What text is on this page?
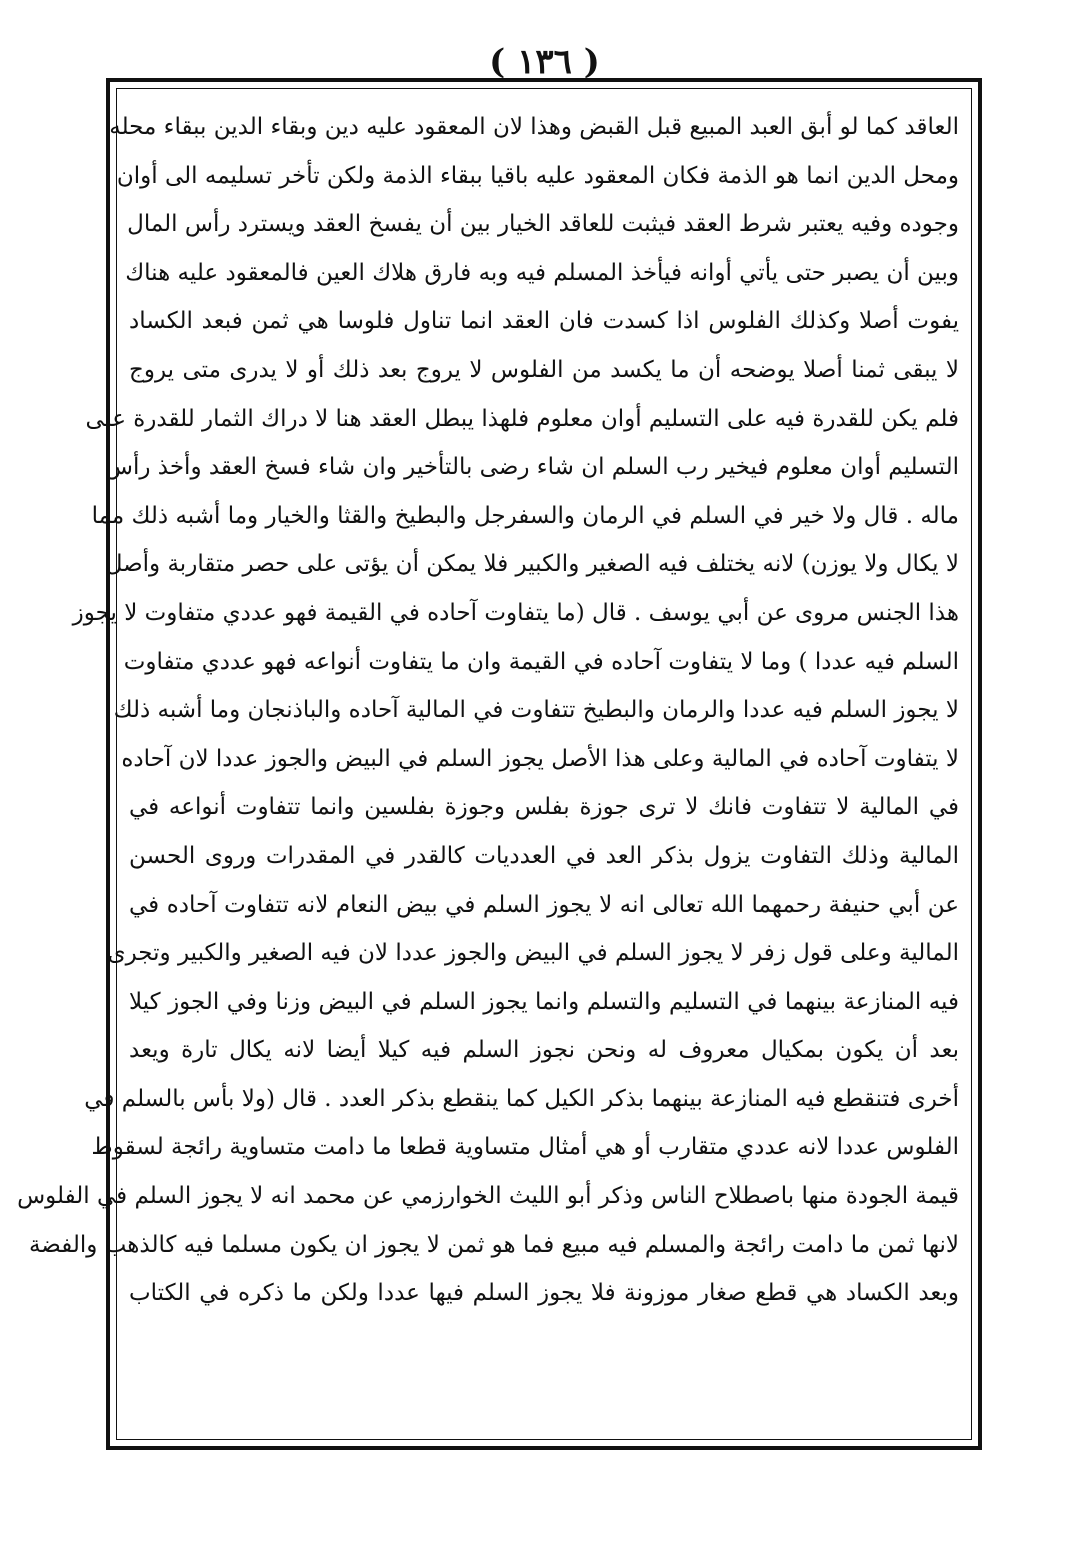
( ١٣٦ )
العاقد كما لو أبق العبد المبيع قبل القبض وهذا لان المعقود عليه دين وبقاء الدين ببقاء محله
ومحل الدين انما هو الذمة فكان المعقود عليه باقيا ببقاء الذمة ولكن تأخر تسليمه الى أوان
وجوده وفيه يعتبر شرط العقد فيثبت للعاقد الخيار بين أن يفسخ العقد ويسترد رأس المال
وبين أن يصبر حتى يأتي أوانه فيأخذ المسلم فيه وبه فارق هلاك العين فالمعقود عليه هناك
يفوت أصلا وكذلك الفلوس اذا كسدت فان العقد انما تناول فلوسا هي ثمن فبعد الكساد
لا يبقى ثمنا أصلا يوضحه أن ما يكسد من الفلوس لا يروج بعد ذلك أو لا يدرى متى يروج
فلم يكن للقدرة فيه على التسليم أوان معلوم فلهذا يبطل العقد هنا لا دراك الثمار للقدرة على
التسليم أوان معلوم فيخير رب السلم ان شاء رضى بالتأخير وان شاء فسخ العقد وأخذ رأس
ماله . قال ولا خير في السلم في الرمان والسفرجل والبطيخ والقثا والخيار وما أشبه ذلك مما
لا يكال ولا يوزن) لانه يختلف فيه الصغير والكبير فلا يمكن أن يؤتى على حصر متقاربة وأصل
هذا الجنس مروى عن أبي يوسف . قال (ما يتفاوت آحاده في القيمة فهو عددي متفاوت لا يجوز
السلم فيه عددا ) وما لا يتفاوت آحاده في القيمة وان ما يتفاوت أنواعه فهو عددي متفاوت
لا يجوز السلم فيه عددا والرمان والبطيخ تتفاوت في المالية آحاده والباذنجان وما أشبه ذلك
لا يتفاوت آحاده في المالية وعلى هذا الأصل يجوز السلم في البيض والجوز عددا لان آحاده
في المالية لا تتفاوت فانك لا ترى جوزة بفلس وجوزة بفلسين وانما تتفاوت أنواعه في
المالية وذلك التفاوت يزول بذكر العد في العدديات كالقدر في المقدرات وروى الحسن
عن أبي حنيفة رحمهما الله تعالى انه لا يجوز السلم في بيض النعام لانه تتفاوت آحاده في
المالية وعلى قول زفر لا يجوز السلم في البيض والجوز عددا لان فيه الصغير والكبير وتجرى
فيه المنازعة بينهما في التسليم والتسلم وانما يجوز السلم في البيض وزنا وفي الجوز كيلا
بعد أن يكون بمكيال معروف له ونحن نجوز السلم فيه كيلا أيضا لانه يكال تارة ويعد
أخرى فتنقطع فيه المنازعة بينهما بذكر الكيل كما ينقطع بذكر العدد . قال (ولا بأس بالسلم في
الفلوس عددا لانه عددي متقارب أو هي أمثال متساوية قطعا ما دامت متساوية رائجة لسقوط
قيمة الجودة منها باصطلاح الناس وذكر أبو الليث الخوارزمي عن محمد انه لا يجوز السلم في الفلوس
لانها ثمن ما دامت رائجة والمسلم فيه مبيع فما هو ثمن لا يجوز ان يكون مسلما فيه كالذهب والفضة
وبعد الكساد هي قطع صغار موزونة فلا يجوز السلم فيها عددا ولكن ما ذكره في الكتاب
